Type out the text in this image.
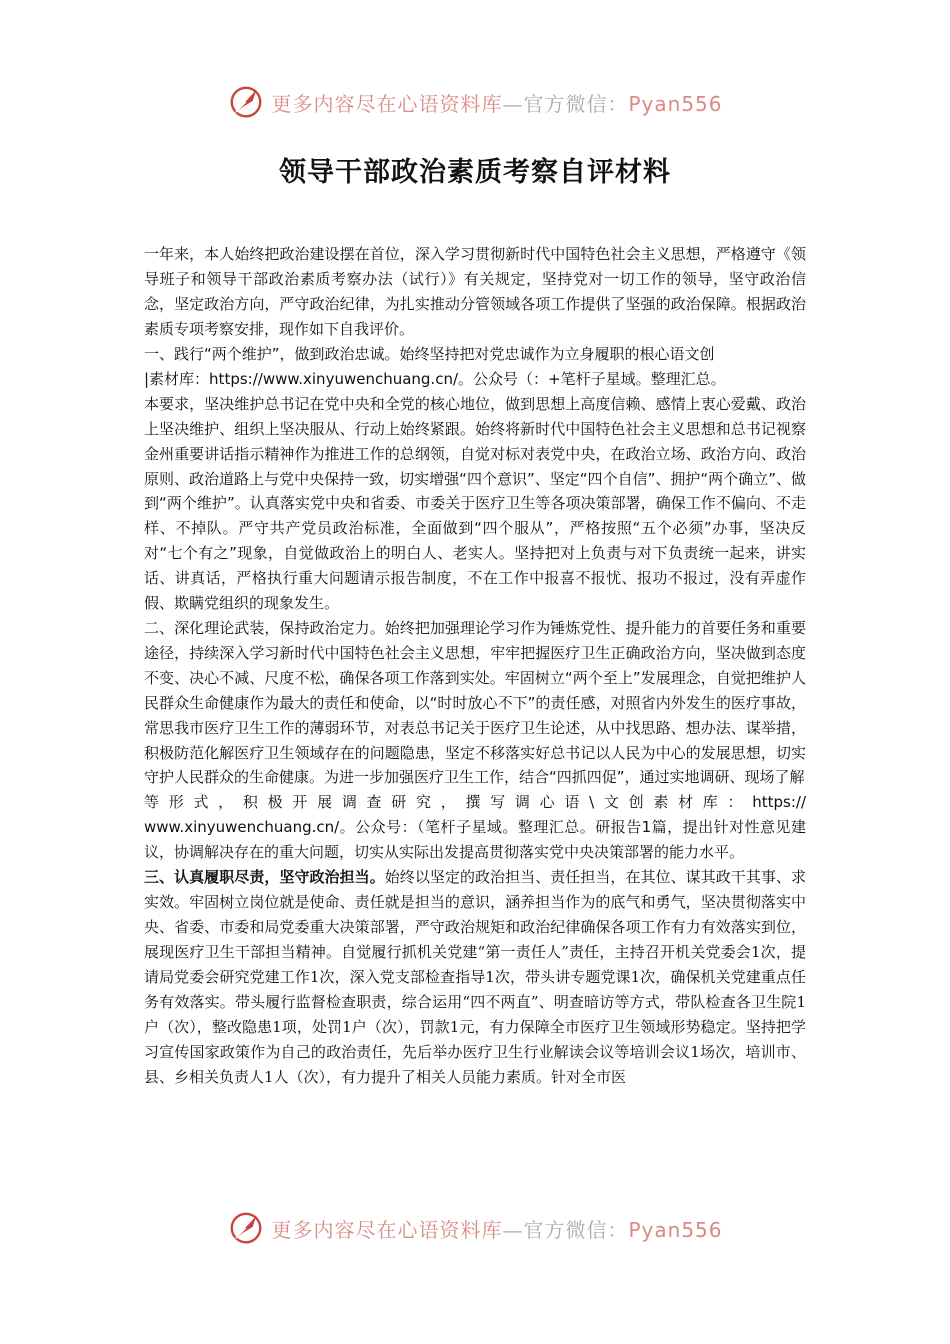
更多内容尽在心语资料库—官方微信：Pyan556
领导干部政治素质考察自评材料

一年来，本人始终把政治建设摆在首位，深入学习贯彻新时代中国特色社会主义思想，严格遵守《领导班子和领导干部政治素质考察办法（试行）》有关规定，坚持党对一切工作的领导，坚守政治信念，坚定政治方向，严守政治纪律，为扎实推动分管领域各项工作提供了坚强的政治保障。根据政治素质专项考察安排，现作如下自我评价。

一、践行“两个维护”，做到政治忠诚。始终坚持把对党忠诚作为立身履职的根心语文创

|素材库：https://www.xinyuwenchuang.cn/。公众号（：+笔杆子星域。整理汇总。

本要求，坚决维护总书记在党中央和全党的核心地位，做到思想上高度信赖、感情上衷心爱戴、政治上坚决维护、组织上坚决服从、行动上始终紧跟。始终将新时代中国特色社会主义思想和总书记视察金州重要讲话指示精神作为推进工作的总纲领，自觉对标对表党中央，在政治立场、政治方向、政治原则、政治道路上与党中央保持一致，切实增强“四个意识”、坚定“四个自信”、拥护“两个确立”、做到“两个维护”。认真落实党中央和省委、市委关于医疗卫生等各项决策部署，确保工作不偏向、不走样、不掉队。严守共产党员政治标准，全面做到“四个服从”，严格按照“五个必须”办事，坚决反对“七个有之”现象，自觉做政治上的明白人、老实人。坚持把对上负责与对下负责统一起来，讲实话、讲真话，严格执行重大问题请示报告制度，不在工作中报喜不报忧、报功不报过，没有弄虚作假、欺瞒党组织的现象发生。

二、深化理论武装，保持政治定力。始终把加强理论学习作为锤炼党性、提升能力的首要任务和重要途径，持续深入学习新时代中国特色社会主义思想，牢牢把握医疗卫生正确政治方向，坚决做到态度不变、决心不减、尺度不松，确保各项工作落到实处。牢固树立“两个至上”发展理念，自觉把维护人民群众生命健康作为最大的责任和使命，以“时时放心不下”的责任感，对照省内外发生的医疗事故，常思我市医疗卫生工作的薄弱环节，对表总书记关于医疗卫生论述，从中找思路、想办法、谋举措，积极防范化解医疗卫生领域存在的问题隐患，坚定不移落实好总书记以人民为中心的发展思想，切实守护人民群众的生命健康。为进一步加强医疗卫生工作，结合“四抓四促”，通过实地调研、现场了解

等形式，积极开展调查研究，撰写调心语\文创素材库：https://

www.xinyuwenchuang.cn/。公众号：（笔杆子星域。整理汇总。研报告1篇，提出针对性意见建议，协调解决存在的重大问题，切实从实际出发提高贯彻落实党中央决策部署的能力水平。

三、认真履职尽责，坚守政治担当。始终以坚定的政治担当、责任担当，在其位、谋其政干其事、求实效。牢固树立岗位就是使命、责任就是担当的意识，涵养担当作为的底气和勇气，坚决贯彻落实中央、省委、市委和局党委重大决策部署，严守政治规矩和政治纪律确保各项工作有力有效落实到位，展现医疗卫生干部担当精神。自觉履行抓机关党建“第一责任人”责任，主持召开机关党委会1次，提请局党委会研究党建工作1次，深入党支部检查指导1次，带头讲专题党课1次，确保机关党建重点任务有效落实。带头履行监督检查职责，综合运用“四不两直”、明查暗访等方式，带队检查各卫生院1户（次），整改隐患1项，处罚1户（次），罚款1元，有力保障全市医疗卫生领域形势稳定。坚持把学习宣传国家政策作为自己的政治责任，先后举办医疗卫生行业解读会议等培训会议1场次，培训市、县、乡相关负责人1人（次），有力提升了相关人员能力素质。针对全市医

更多内容尽在心语资料库—官方微信：Pyan556
